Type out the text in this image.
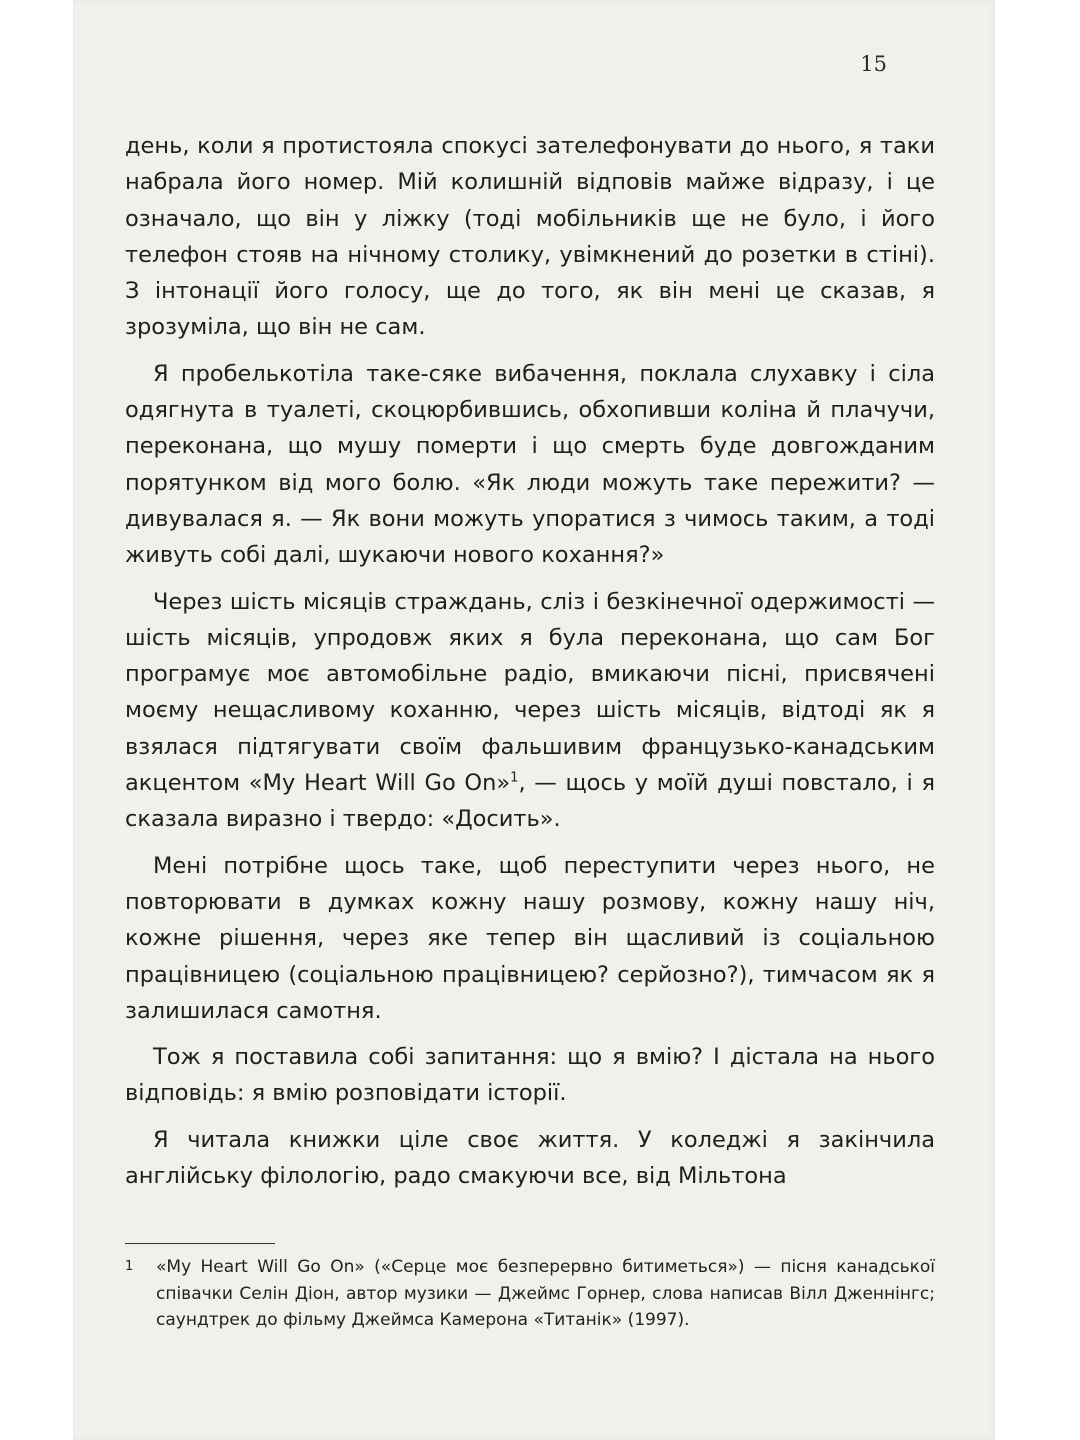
15

день, коли я протистояла спокусі зателефонувати до нього, я таки набрала його номер. Мій колишній відповів майже відразу, і це означало, що він у ліжку (тоді мобільників ще не було, і його телефон стояв на нічному столику, увімкнений до розетки в стіні). З інтонації його голосу, ще до того, як він мені це сказав, я зрозуміла, що він не сам.

Я пробелькотіла таке-сяке вибачення, поклала слухавку і сіла одягнута в туалеті, скоцюрбившись, обхопивши коліна й плачучи, переконана, що мушу померти і що смерть буде довгожданим порятунком від мого болю. «Як люди можуть таке пережити? — дивувалася я. — Як вони можуть упоратися з чимось таким, а тоді живуть собі далі, шукаючи нового кохання?»

Через шість місяців страждань, сліз і безкінечної одержимості — шість місяців, упродовж яких я була переконана, що сам Бог програмує моє автомобільне радіо, вмикаючи пісні, присвячені моєму нещасливому коханню, через шість місяців, відтоді як я взялася підтягувати своїм фальшивим французько-канадським акцентом «My Heart Will Go On»$^1$, — щось у моїй душі повстало, і я сказала виразно і твердо: «Досить».

Мені потрібне щось таке, щоб переступити через нього, не повторювати в думках кожну нашу розмову, кожну нашу ніч, кожне рішення, через яке тепер він щасливий із соціальною працівницею (соціальною працівницею? серйозно?), тимчасом як я залишилася самотня.

Тож я поставила собі запитання: що я вмію? І дістала на нього відповідь: я вмію розповідати історії.

Я читала книжки ціле своє життя. У коледжі я закінчила англійську філологію, радо смакуючи все, від Мільтона

1 «My Heart Will Go On» («Серце моє безперервно битиметься») — пісня канадської співачки Селін Діон, автор музики — Джеймс Горнер, слова написав Вілл Дженнінгс; саундтрек до фільму Джеймса Камерона «Титанік» (1997).
